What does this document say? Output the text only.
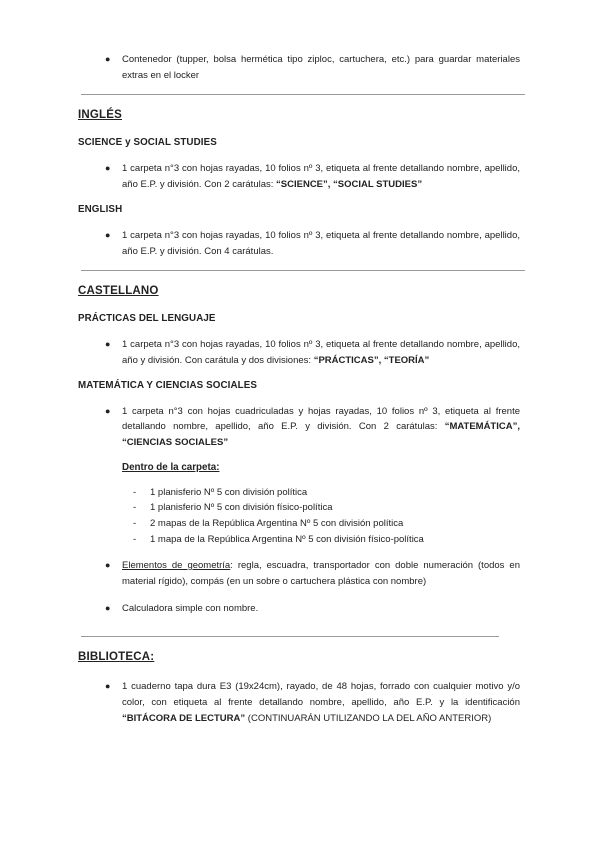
● Contenedor (tupper, bolsa hermética tipo ziploc, cartuchera, etc.) para guardar materiales extras en el locker
INGLÉS
SCIENCE y SOCIAL STUDIES
● 1 carpeta n°3 con hojas rayadas, 10 folios nº 3, etiqueta al frente detallando nombre, apellido, año E.P. y división. Con 2 carátulas: “SCIENCE”, “SOCIAL STUDIES”
ENGLISH
● 1 carpeta n°3 con hojas rayadas, 10 folios nº 3, etiqueta al frente detallando nombre, apellido, año E.P. y división. Con 4 carátulas.
CASTELLANO
PRÁCTICAS DEL LENGUAJE
● 1 carpeta n°3 con hojas rayadas, 10 folios nº 3, etiqueta al frente detallando nombre, apellido, año y división. Con carátula y dos divisiones: “PRÁCTICAS”, “TEORÍA”
MATEMÁTICA Y CIENCIAS SOCIALES
● 1 carpeta n°3 con hojas cuadriculadas y hojas rayadas, 10 folios nº 3, etiqueta al frente detallando nombre, apellido, año E.P. y división. Con 2 carátulas: “MATEMÁTICA”, “CIENCIAS SOCIALES”
Dentro de la carpeta:
- 1 planisferio Nº 5 con división política
- 1 planisferio Nº 5 con división físico-política
- 2 mapas de la República Argentina Nº 5 con división política
- 1 mapa de la República Argentina Nº 5 con división físico-política
● Elementos de geometría: regla, escuadra, transportador con doble numeración (todos en material rígido), compás (en un sobre o cartuchera plástica con nombre)
● Calculadora simple con nombre.
BIBLIOTECA:
● 1 cuaderno tapa dura E3 (19x24cm), rayado, de 48 hojas, forrado con cualquier motivo y/o color, con etiqueta al frente detallando nombre, apellido, año E.P. y la identificación “BITÁCORA DE LECTURA” (CONTINUARÁN UTILIZANDO LA DEL AÑO ANTERIOR)
